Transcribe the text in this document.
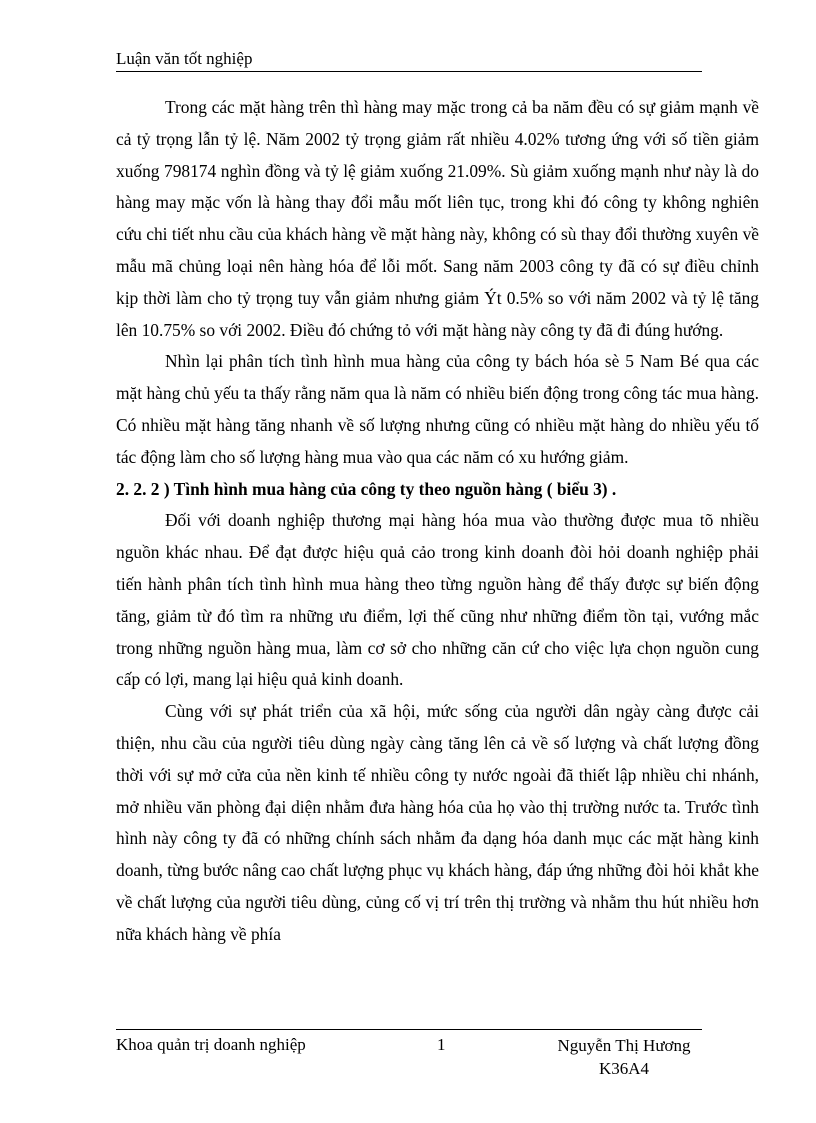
Luận văn tốt nghiệp

Trong các mặt hàng trên thì hàng may mặc trong cả ba năm đều có sự giảm mạnh về cả tỷ trọng lẫn tỷ lệ. Năm 2002 tỷ trọng giảm rất nhiều 4.02% tương ứng với số tiền giảm xuống 798174 nghìn đồng và tỷ lệ giảm xuống 21.09%. Sù giảm xuống mạnh như này là do hàng may mặc vốn là hàng thay đổi mẫu mốt liên tục, trong khi đó công ty không nghiên cứu chi tiết nhu cầu của khách hàng về mặt hàng này, không có sù thay đổi thường xuyên về mẫu mã chủng loại nên hàng hóa để lỗi mốt. Sang năm 2003 công ty đã có sự điều chỉnh kịp thời làm cho tỷ trọng tuy vẫn giảm nhưng giảm Ýt 0.5% so với năm 2002 và tỷ lệ tăng lên 10.75% so với 2002. Điều đó chứng tỏ với mặt hàng này công ty đã đi đúng hướng.

Nhìn lại phân tích tình hình mua hàng của công ty bách hóa sè 5 Nam Bé qua các mặt hàng chủ yếu ta thấy rằng năm qua là năm có nhiều biến động trong công tác mua hàng. Có nhiều mặt hàng tăng nhanh về số lượng nhưng cũng có nhiều mặt hàng do nhiều yếu tố tác động làm cho số lượng hàng mua vào qua các năm có xu hướng giảm.

2. 2. 2 ) Tình hình mua hàng của công ty theo nguồn hàng ( biểu 3) .

Đối với doanh nghiệp thương mại hàng hóa mua vào thường được mua tõ nhiều nguồn khác nhau. Để đạt được hiệu quả cảo trong kinh doanh đòi hỏi doanh nghiệp phải tiến hành phân tích tình hình mua hàng theo từng nguồn hàng để thấy được sự biến động tăng, giảm từ đó tìm ra những ưu điểm, lợi thế cũng như những điểm tồn tại, vướng mắc trong những nguồn hàng mua, làm cơ sở cho những căn cứ cho việc lựa chọn nguồn cung cấp có lợi, mang lại hiệu quả kinh doanh.

Cùng với sự phát triển của xã hội, mức sống của người dân ngày càng được cải thiện, nhu cầu của người tiêu dùng ngày càng tăng lên cả về số lượng và chất lượng đồng thời với sự mở cửa của nền kinh tế nhiều công ty nước ngoài đã thiết lập nhiều chi nhánh, mở nhiều văn phòng đại diện nhằm đưa hàng hóa của họ vào thị trường nước ta. Trước tình hình này công ty đã có những chính sách nhằm đa dạng hóa danh mục các mặt hàng kinh doanh, từng bước nâng cao chất lượng phục vụ khách hàng, đáp ứng những đòi hỏi khắt khe về chất lượng của người tiêu dùng, củng cố vị trí trên thị trường và nhằm thu hút nhiều hơn nữa khách hàng về phía

Khoa quản trị doanh nghiệp	1	Nguyễn Thị Hương
K36A4
